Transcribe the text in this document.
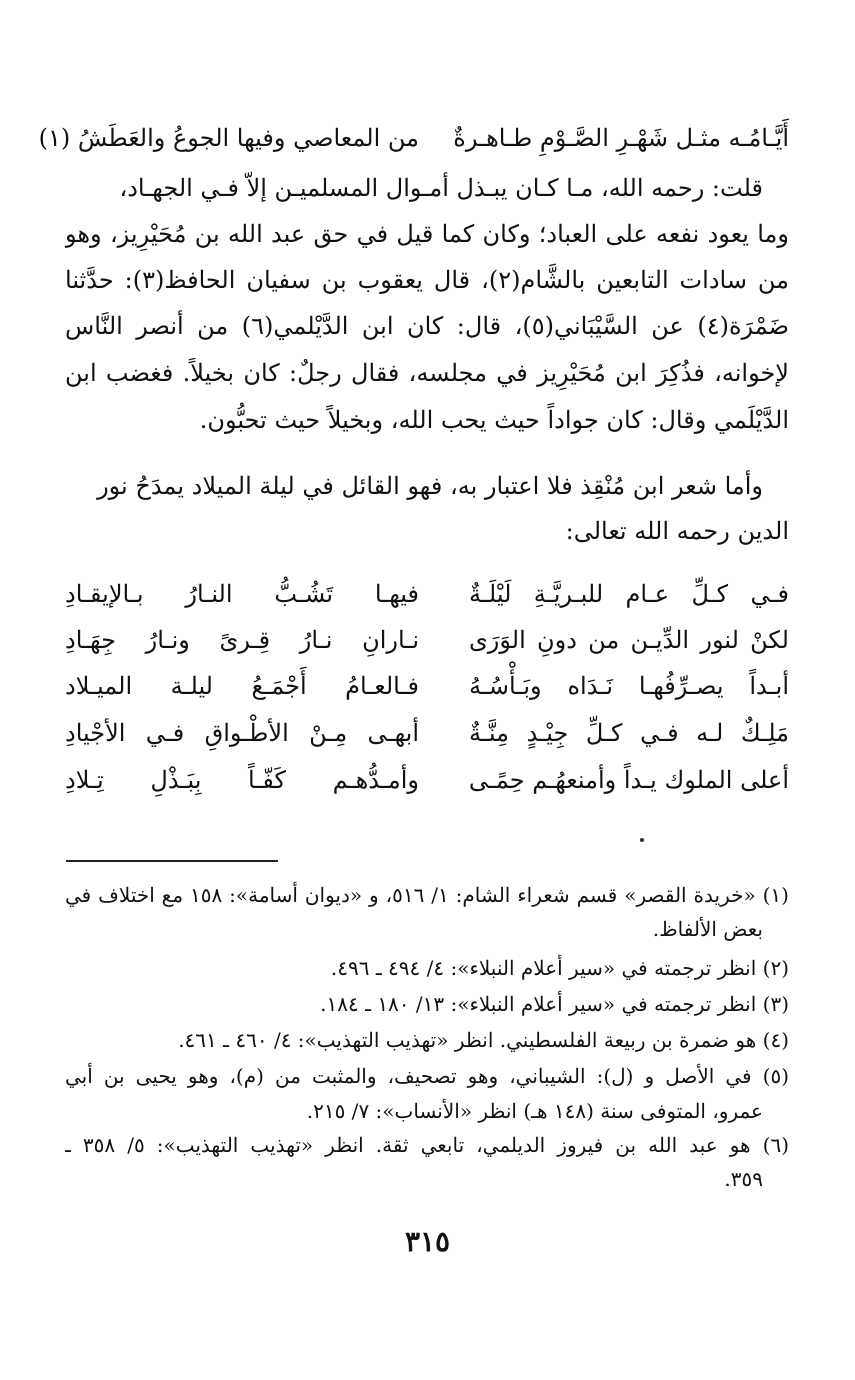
أَيَّـامُـه مثـل شَهْـرِ الصَّـوْمِ طـاهـرةٌ
من المعاصي وفيها الجوعُ والعَطَشُ (١)
قلت: رحمه الله، مـا كـان يبـذل أمـوال المسلميـن إلاّ فـي الجهـاد،
وما يعود نفعه على العباد؛ وكان كما قيل في حق عبد الله بن مُحَيْرِيز، وهو
من سادات التابعين بالشَّام(٢)، قال يعقوب بن سفيان الحافظ(٣): حدَّثنا
ضَمْرَة(٤) عن السَّيْبَاني(٥)، قال: كان ابن الدَّيْلمي(٦) من أنصر النَّاس
لإخوانه، فذُكِرَ ابن مُحَيْرِيز في مجلسه، فقال رجلٌ: كان بخيلاً. فغضب ابن
الدَّيْلَمي وقال: كان جواداً حيث يحب الله، وبخيلاً حيث تحبُّون.
وأما شعر ابن مُنْقِذ فلا اعتبار به، فهو القائل في ليلة الميلاد يمدَحُ نور
الدين رحمه الله تعالى:
فـي كـلِّ عـام للبـريَّـةِ لَيْلَـةٌ
فيهـا تَشُـبُّ النـارُ بـالإيقـادِ
لكنْ لنور الدِّيـن من دونِ الوَرَى
نـارانِ نـارُ قِـرىً ونـارُ جِهَـادِ
أبـداً يصـرِّفُهـا نَـدَاه وبَـأْسُـهُ
فـالعـامُ أَجْمَـعُ ليلـة الميـلاد
مَلِـكٌ لـه فـي كـلِّ جِيْـدٍ مِنَّـةٌ
أبهـى مِـنْ الأطْـواقِ فـي الأجْيادِ
أعلى الملوك يـداً وأمنعهُـم حِمًـى
وأمـدُّهـم كَفّـاً بِبَـذْلِ تِـلادِ
(١) «خريدة القصر» قسم شعراء الشام: ١/ ٥١٦، و «ديوان أسامة»: ١٥٨ مع اختلاف في
بعض الألفاظ.
(٢) انظر ترجمته في «سير أعلام النبلاء»: ٤/ ٤٩٤ ـ ٤٩٦.
(٣) انظر ترجمته في «سير أعلام النبلاء»: ١٣/ ١٨٠ ـ ١٨٤.
(٤) هو ضمرة بن ربيعة الفلسطيني. انظر «تهذيب التهذيب»: ٤/ ٤٦٠ ـ ٤٦١.
(٥) في الأصل و (ل): الشيباني، وهو تصحيف، والمثبت من (م)، وهو يحيى بن أبي
عمرو، المتوفى سنة (١٤٨ هـ) انظر «الأنساب»: ٧/ ٢١٥.
(٦) هو عبد الله بن فيروز الديلمي، تابعي ثقة. انظر «تهذيب التهذيب»: ٥/ ٣٥٨ ـ
٣٥٩.
٣١٥
